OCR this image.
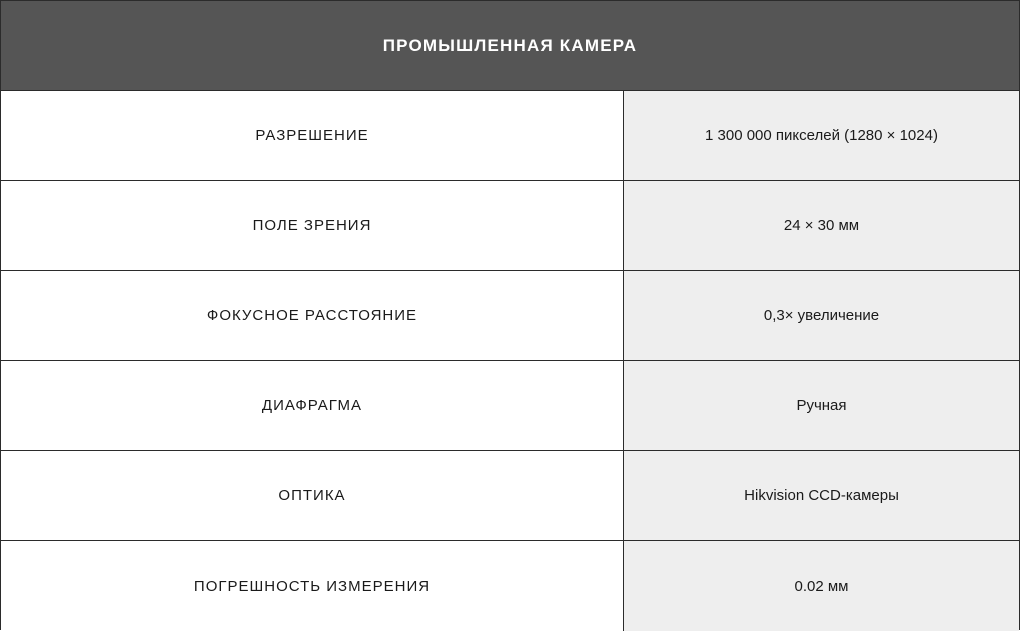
ПРОМЫШЛЕННАЯ КАМЕРА
РАЗРЕШЕНИЕ	1 300 000 пикселей (1280 × 1024)
ПОЛЕ ЗРЕНИЯ	24 × 30 мм
ФОКУСНОЕ РАССТОЯНИЕ	0,3× увеличение
ДИАФРАГМА	Ручная
ОПТИКА	Hikvision CCD-камеры
ПОГРЕШНОСТЬ ИЗМЕРЕНИЯ	0.02 мм
